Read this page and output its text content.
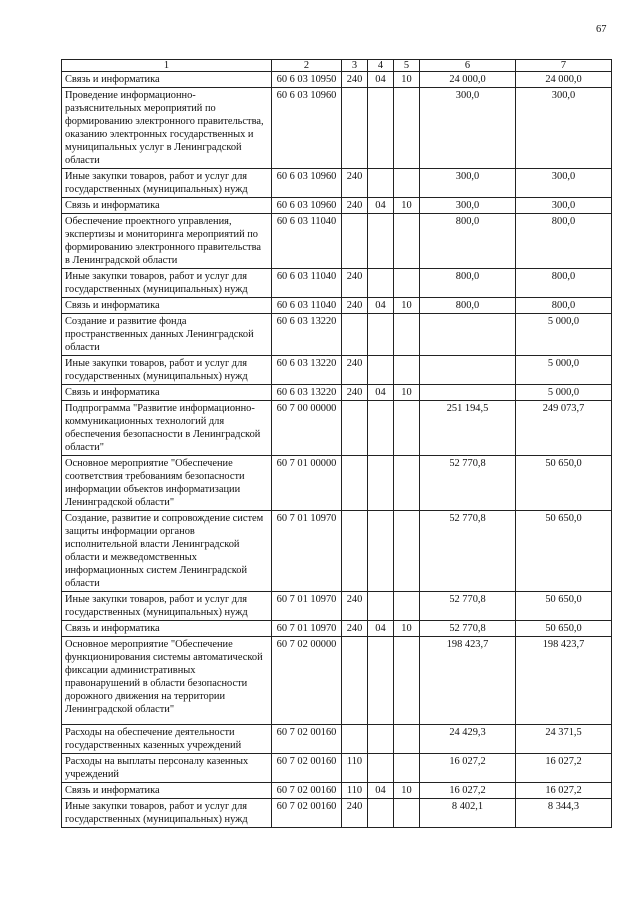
67
1	2	3	4	5	6	7
Связь и информатика	60 6 03 10950	240	04	10	24 000,0	24 000,0
Проведение информационно-разъяснительных мероприятий по формированию электронного правительства, оказанию электронных государственных и муниципальных услуг в Ленинградской области	60 6 03 10960				300,0	300,0
Иные закупки товаров, работ и услуг для государственных (муниципальных) нужд	60 6 03 10960	240			300,0	300,0
Связь и информатика	60 6 03 10960	240	04	10	300,0	300,0
Обеспечение проектного управления, экспертизы и мониторинга мероприятий по формированию электронного правительства в Ленинградской области	60 6 03 11040				800,0	800,0
Иные закупки товаров, работ и услуг для государственных (муниципальных) нужд	60 6 03 11040	240			800,0	800,0
Связь и информатика	60 6 03 11040	240	04	10	800,0	800,0
Создание и развитие фонда пространственных данных Ленинградской области	60 6 03 13220					5 000,0
Иные закупки товаров, работ и услуг для государственных (муниципальных) нужд	60 6 03 13220	240				5 000,0
Связь и информатика	60 6 03 13220	240	04	10		5 000,0
Подпрограмма "Развитие информационно-коммуникационных технологий для обеспечения безопасности в Ленинградской области"	60 7 00 00000				251 194,5	249 073,7
Основное мероприятие "Обеспечение соответствия требованиям безопасности информации объектов информатизации Ленинградской области"	60 7 01 00000				52 770,8	50 650,0
Создание, развитие и сопровождение систем защиты информации органов исполнительной власти Ленинградской области и межведомственных информационных систем Ленинградской области	60 7 01 10970				52 770,8	50 650,0
Иные закупки товаров, работ и услуг для государственных (муниципальных) нужд	60 7 01 10970	240			52 770,8	50 650,0
Связь и информатика	60 7 01 10970	240	04	10	52 770,8	50 650,0
Основное мероприятие "Обеспечение функционирования системы автоматической фиксации административных правонарушений в области безопасности дорожного движения на территории Ленинградской области"	60 7 02 00000				198 423,7	198 423,7
Расходы на обеспечение деятельности государственных казенных учреждений	60 7 02 00160				24 429,3	24 371,5
Расходы на выплаты персоналу казенных учреждений	60 7 02 00160	110			16 027,2	16 027,2
Связь и информатика	60 7 02 00160	110	04	10	16 027,2	16 027,2
Иные закупки товаров, работ и услуг для государственных (муниципальных) нужд	60 7 02 00160	240			8 402,1	8 344,3
